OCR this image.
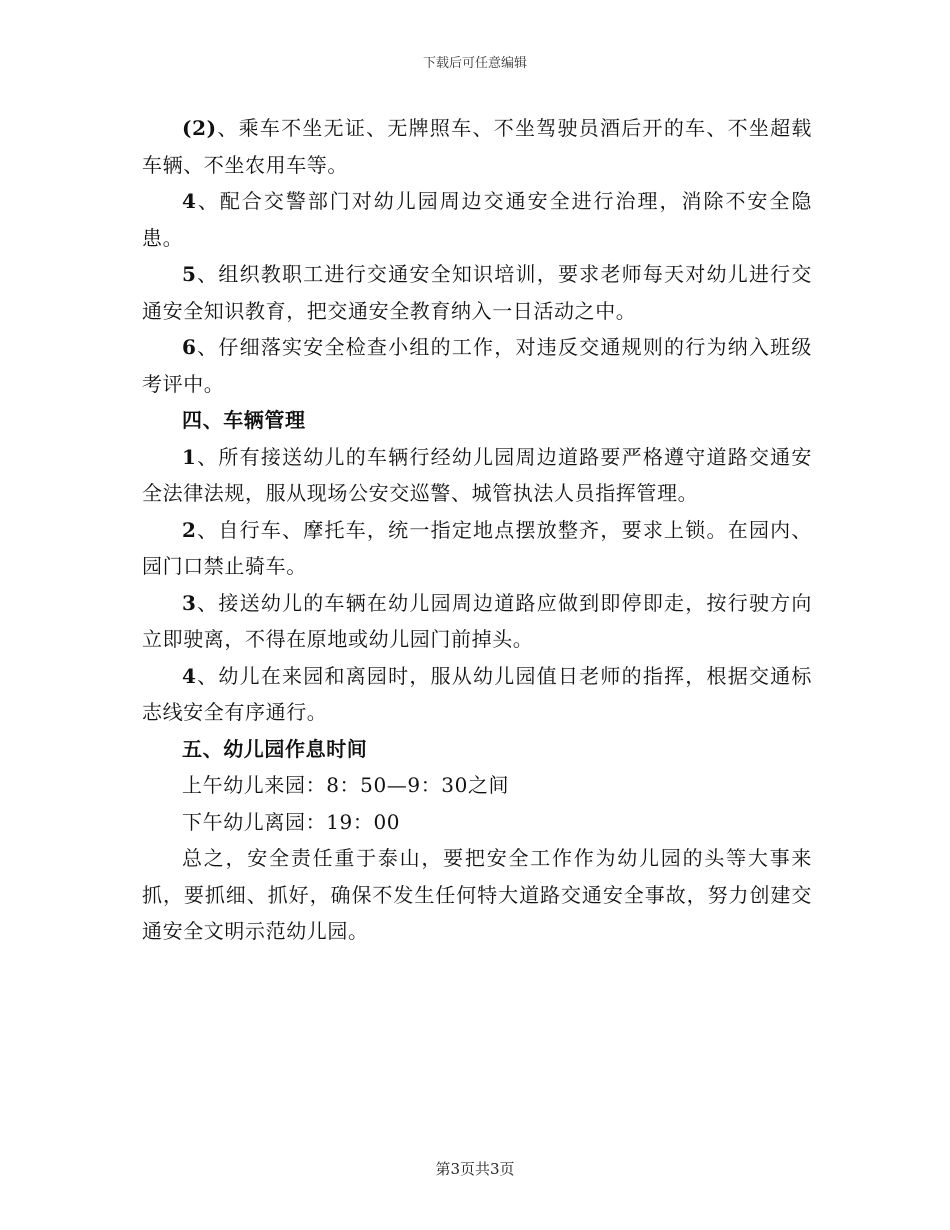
下载后可任意编辑

(2)、乘车不坐无证、无牌照车、不坐驾驶员酒后开的车、不坐超载车辆、不坐农用车等。

4、配合交警部门对幼儿园周边交通安全进行治理，消除不安全隐患。

5、组织教职工进行交通安全知识培训，要求老师每天对幼儿进行交通安全知识教育，把交通安全教育纳入一日活动之中。

6、仔细落实安全检查小组的工作，对违反交通规则的行为纳入班级考评中。

四、车辆管理

1、所有接送幼儿的车辆行经幼儿园周边道路要严格遵守道路交通安全法律法规，服从现场公安交巡警、城管执法人员指挥管理。

2、自行车、摩托车，统一指定地点摆放整齐，要求上锁。在园内、园门口禁止骑车。

3、接送幼儿的车辆在幼儿园周边道路应做到即停即走，按行驶方向立即驶离，不得在原地或幼儿园门前掉头。

4、幼儿在来园和离园时，服从幼儿园值日老师的指挥，根据交通标志线安全有序通行。

五、幼儿园作息时间

上午幼儿来园：8：50—9：30之间

下午幼儿离园：19：00

总之，安全责任重于泰山，要把安全工作作为幼儿园的头等大事来抓，要抓细、抓好，确保不发生任何特大道路交通安全事故，努力创建交通安全文明示范幼儿园。

第3页共3页
